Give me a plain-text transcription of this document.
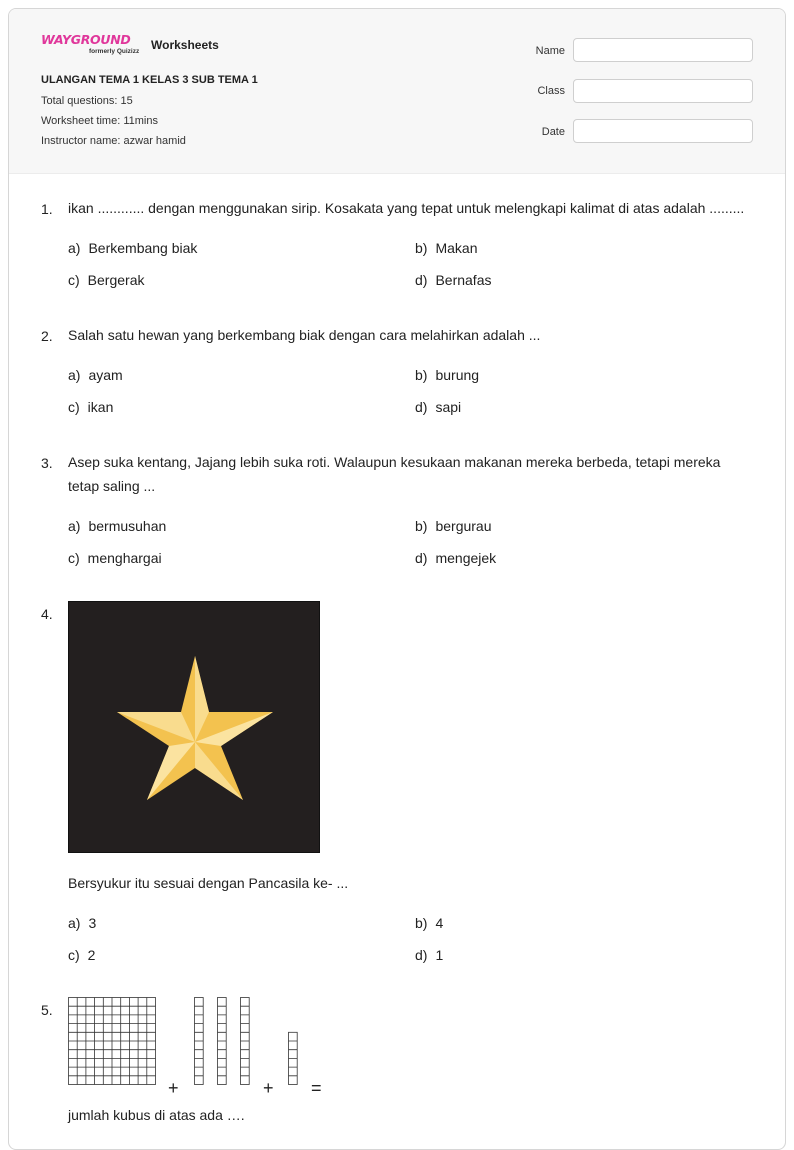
WAYGROUND
formerly Quizizz Worksheets
ULANGAN TEMA 1 KELAS 3 SUB TEMA 1
Total questions: 15
Worksheet time: 11mins
Instructor name: azwar hamid
Name
Class
Date
1. ikan ............ dengan menggunakan sirip. Kosakata yang tepat untuk melengkapi kalimat di atas adalah .........
a) Berkembang biak	b) Makan
c) Bergerak	d) Bernafas
2. Salah satu hewan yang berkembang biak dengan cara melahirkan adalah ...
a) ayam	b) burung
c) ikan	d) sapi
3. Asep suka kentang, Jajang lebih suka roti. Walaupun kesukaan makanan mereka berbeda, tetapi mereka tetap saling ...
a) bermusuhan	b) bergurau
c) menghargai	d) mengejek
4.
Bersyukur itu sesuai dengan Pancasila ke- ...
a) 3	b) 4
c) 2	d) 1
5.
+	+ =
jumlah kubus di atas ada ….
